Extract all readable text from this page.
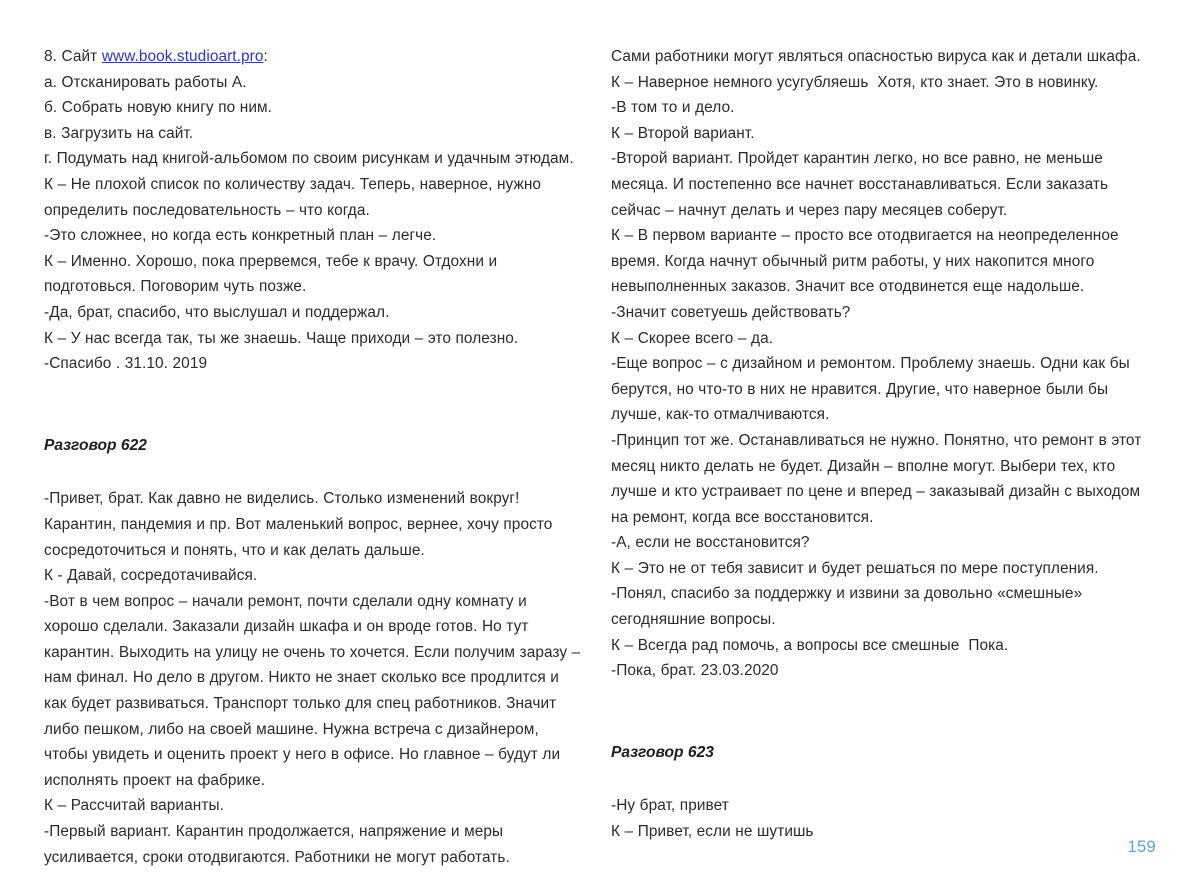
8. Сайт www.book.studioart.pro:

а. Отсканировать работы А.

б. Собрать новую книгу по ним.

в. Загрузить на сайт.

г. Подумать над книгой-альбомом по своим рисункам и удачным этюдам.

К – Не плохой список по количеству задач. Теперь, наверное, нужно определить последовательность – что когда.

-Это сложнее, но когда есть конкретный план – легче.

К – Именно. Хорошо, пока прервемся, тебе к врачу. Отдохни и подготовься. Поговорим чуть позже.

-Да, брат, спасибо, что выслушал и поддержал.

К – У нас всегда так, ты же знаешь. Чаще приходи – это полезно.

-Спасибо . 31.10. 2019

Разговор 622

-Привет, брат. Как давно не виделись. Столько изменений вокруг! Карантин, пандемия и пр. Вот маленький вопрос, вернее, хочу просто сосредоточиться и понять, что и как делать дальше.

К - Давай, сосредотачивайся.

-Вот в чем вопрос – начали ремонт, почти сделали одну комнату и хорошо сделали. Заказали дизайн шкафа и он вроде готов. Но тут карантин. Выходить на улицу не очень то хочется. Если получим заразу – нам финал. Но дело в другом. Никто не знает сколько все продлится и как будет развиваться. Транспорт только для спец работников. Значит либо пешком, либо на своей машине. Нужна встреча с дизайнером, чтобы увидеть и оценить проект у него в офисе. Но главное – будут ли исполнять проект на фабрике.

К – Рассчитай варианты.

-Первый вариант. Карантин продолжается, напряжение и меры усиливается, сроки отодвигаются. Работники не могут работать.

Сами работники могут являться опасностью вируса как и детали шкафа.

К – Наверное немного усугубляешь  Хотя, кто знает. Это в новинку.

-В том то и дело.

К – Второй вариант.

-Второй вариант. Пройдет карантин легко, но все равно, не меньше месяца. И постепенно все начнет восстанавливаться. Если заказать сейчас – начнут делать и через пару месяцев соберут.

К – В первом варианте – просто все отодвигается на неопределенное время. Когда начнут обычный ритм работы, у них накопится много невыполненных заказов. Значит все отодвинется еще надольше.

-Значит советуешь действовать?

К – Скорее всего – да.

-Еще вопрос – с дизайном и ремонтом. Проблему знаешь. Одни как бы берутся, но что-то в них не нравится. Другие, что наверное были бы лучше, как-то отмалчиваются.

-Принцип тот же. Останавливаться не нужно. Понятно, что ремонт в этот месяц никто делать не будет. Дизайн – вполне могут. Выбери тех, кто лучше и кто устраивает по цене и вперед – заказывай дизайн с выходом на ремонт, когда все восстановится.

-А, если не восстановится?

К – Это не от тебя зависит и будет решаться по мере поступления.

-Понял, спасибо за поддержку и извини за довольно «смешные» сегодняшние вопросы.

К – Всегда рад помочь, а вопросы все смешные  Пока.

-Пока, брат. 23.03.2020

Разговор 623

-Ну брат, привет

К – Привет, если не шутишь

159
